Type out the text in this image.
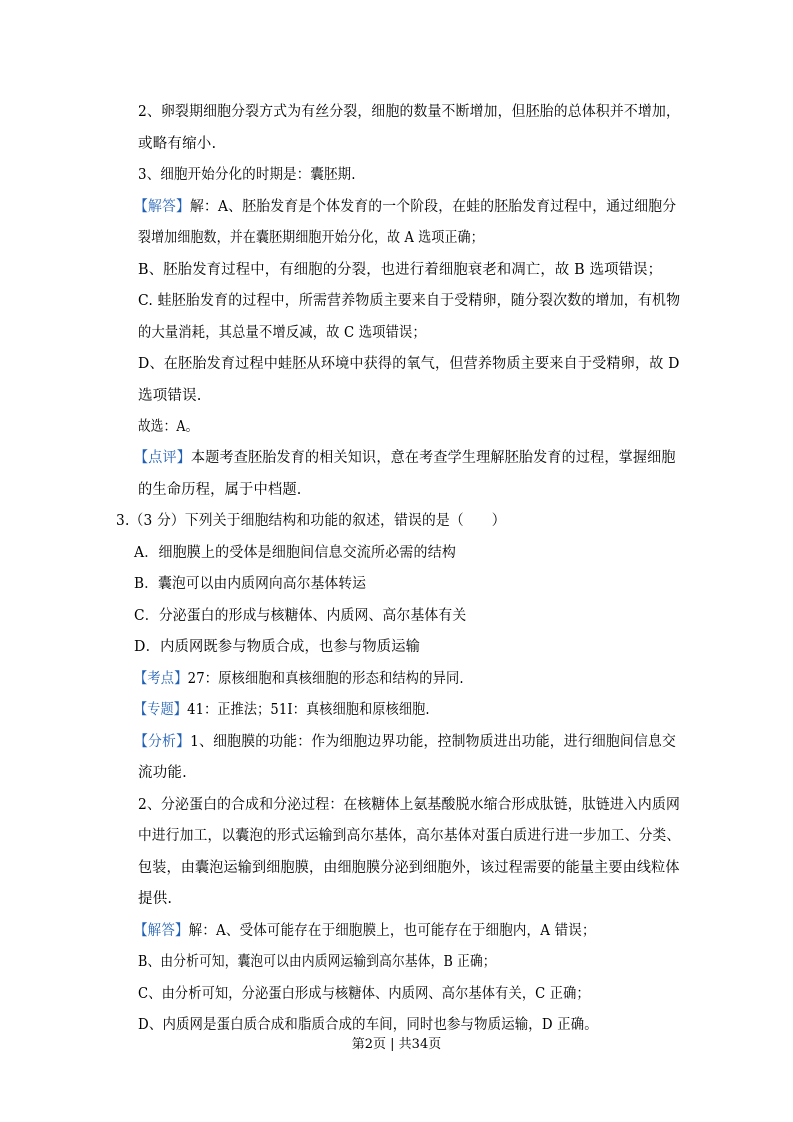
2、卵裂期细胞分裂方式为有丝分裂，细胞的数量不断增加，但胚胎的总体积并不增加，
或略有缩小.
3、细胞开始分化的时期是：囊胚期.
【解答】解：A、胚胎发育是个体发育的一个阶段，在蛙的胚胎发育过程中，通过细胞分
裂增加细胞数，并在囊胚期细胞开始分化，故 A 选项正确；
B、胚胎发育过程中，有细胞的分裂，也进行着细胞衰老和凋亡，故 B 选项错误；
C. 蛙胚胎发育的过程中，所需营养物质主要来自于受精卵，随分裂次数的增加，有机物
的大量消耗，其总量不增反减，故 C 选项错误；
D、在胚胎发育过程中蛙胚从环境中获得的氧气，但营养物质主要来自于受精卵，故 D
选项错误.
故选：A。
【点评】本题考查胚胎发育的相关知识，意在考查学生理解胚胎发育的过程，掌握细胞
的生命历程，属于中档题.
3.（3 分）下列关于细胞结构和功能的叙述，错误的是（　　）
A．细胞膜上的受体是细胞间信息交流所必需的结构
B．囊泡可以由内质网向高尔基体转运
C．分泌蛋白的形成与核糖体、内质网、高尔基体有关
D．内质网既参与物质合成，也参与物质运输
【考点】27：原核细胞和真核细胞的形态和结构的异同.
【专题】41：正推法；51I：真核细胞和原核细胞.
【分析】1、细胞膜的功能：作为细胞边界功能，控制物质进出功能，进行细胞间信息交
流功能.
2、分泌蛋白的合成和分泌过程：在核糖体上氨基酸脱水缩合形成肽链，肽链进入内质网
中进行加工，以囊泡的形式运输到高尔基体，高尔基体对蛋白质进行进一步加工、分类、
包装，由囊泡运输到细胞膜，由细胞膜分泌到细胞外，该过程需要的能量主要由线粒体
提供.
【解答】解：A、受体可能存在于细胞膜上，也可能存在于细胞内，A 错误；
B、由分析可知，囊泡可以由内质网运输到高尔基体，B 正确；
C、由分析可知，分泌蛋白形成与核糖体、内质网、高尔基体有关，C 正确；
D、内质网是蛋白质合成和脂质合成的车间，同时也参与物质运输，D 正确。
第2页 | 共34页
